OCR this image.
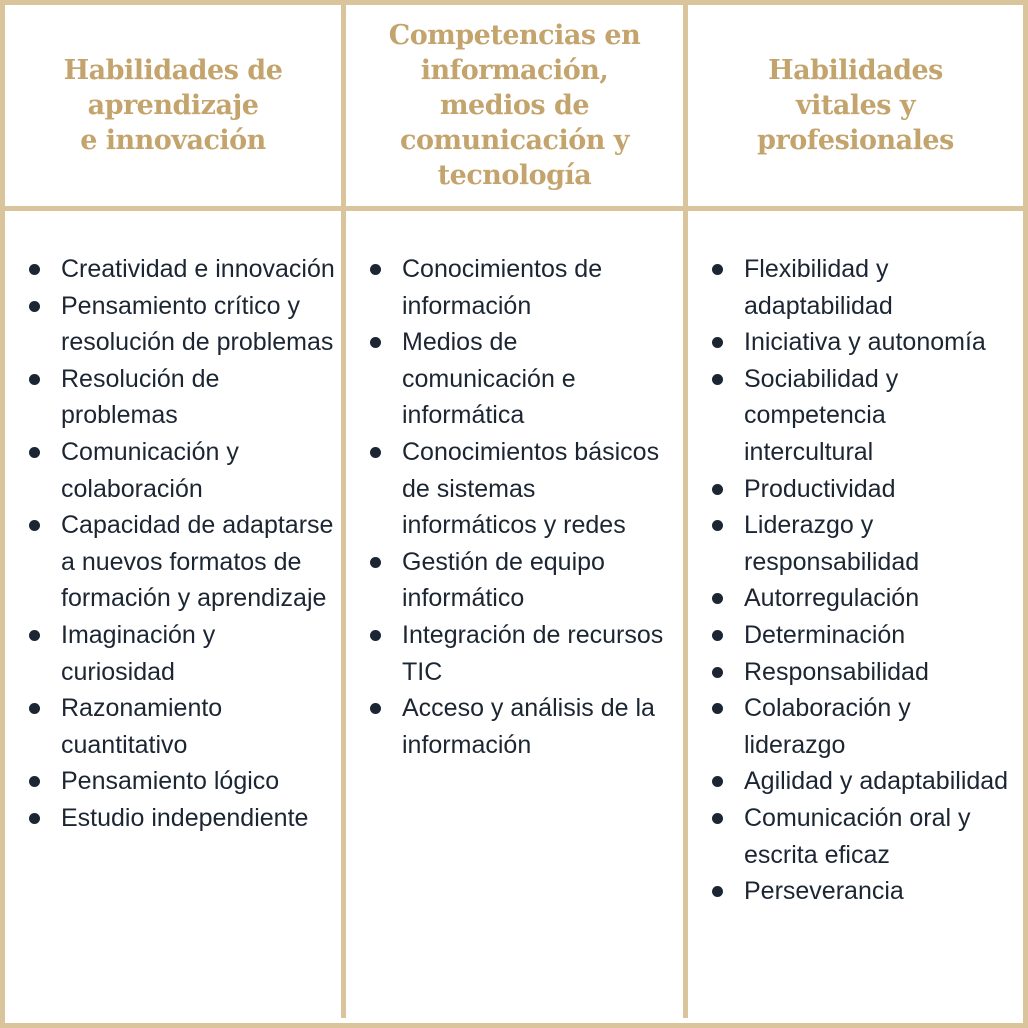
Habilidades de
aprendizaje
e innovación
Competencias en
información,
medios de
comunicación y
tecnología
Habilidades
vitales y
profesionales
Creatividad e innovación
Pensamiento crítico y resolución de problemas
Resolución de problemas
Comunicación y colaboración
Capacidad de adaptarse a nuevos formatos de formación y aprendizaje
Imaginación y curiosidad
Razonamiento cuantitativo
Pensamiento lógico
Estudio independiente
Conocimientos de información
Medios de comunicación e informática
Conocimientos básicos de sistemas informáticos y redes
Gestión de equipo informático
Integración de recursos TIC
Acceso y análisis de la información
Flexibilidad y adaptabilidad
Iniciativa y autonomía
Sociabilidad y competencia intercultural
Productividad
Liderazgo y responsabilidad
Autorregulación
Determinación
Responsabilidad
Colaboración y liderazgo
Agilidad y adaptabilidad
Comunicación oral y escrita eficaz
Perseverancia
